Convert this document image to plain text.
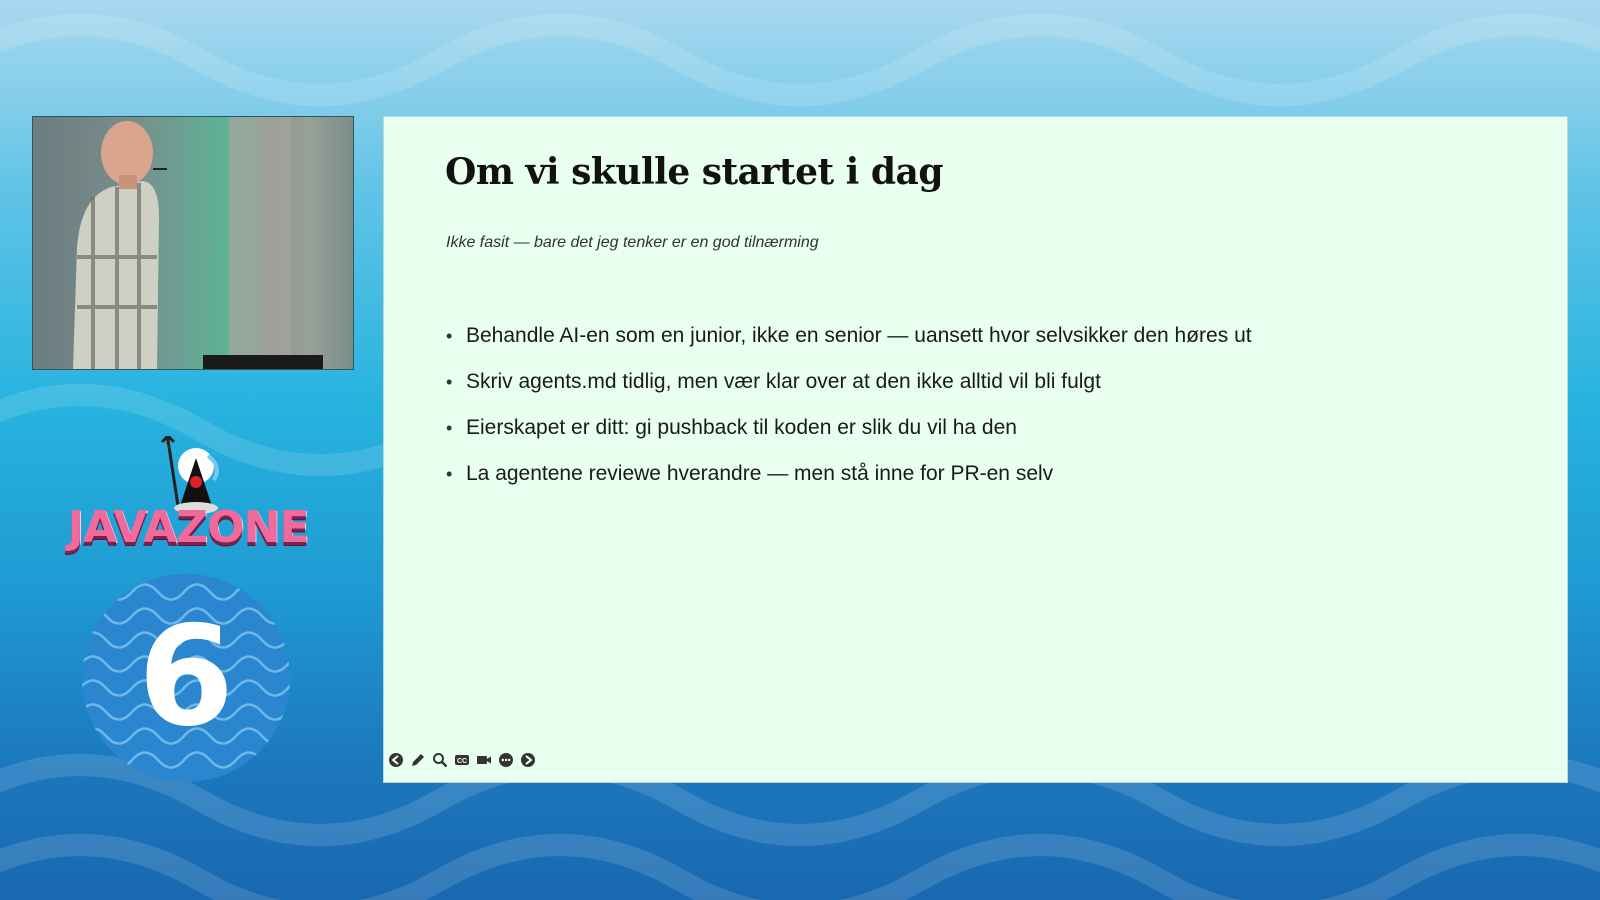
JAVAZONE
6
Om vi skulle startet i dag

Ikke fasit — bare det jeg tenker er en god tilnærming

• Behandle AI-en som en junior, ikke en senior — uansett hvor selvsikker den høres ut
• Skriv agents.md tidlig, men vær klar over at den ikke alltid vil bli fulgt
• Eierskapet er ditt: gi pushback til koden er slik du vil ha den
• La agentene reviewe hverandre — men stå inne for PR-en selv
CC
